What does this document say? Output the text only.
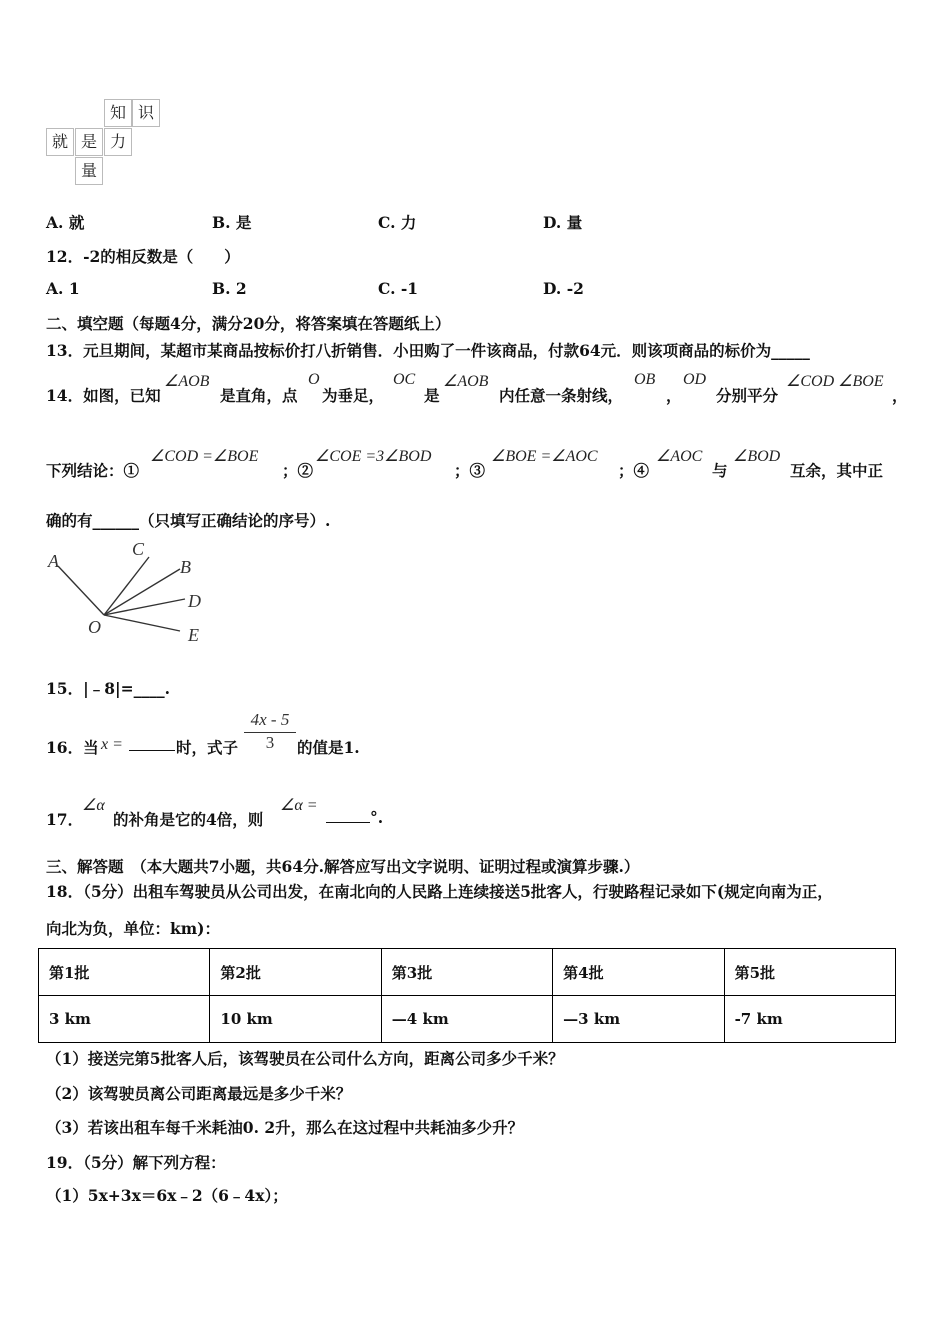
知 识
就 是 力
量
A. 就	B. 是	C. 力	D. 量
12．-2的相反数是（　　）
A. 1	B. 2	C. -1	D. -2
二、填空题（每题4分，满分20分，将答案填在答题纸上）
13．元旦期间，某超市某商品按标价打八折销售．小田购了一件该商品，付款64元．则该项商品的标价为_____
14．如图，已知
∠AOB
是直角，点
O
为垂足，
OC
是
∠AOB
内任意一条射线，
OB
，
OD
分别平分
∠COD ∠BOE
，
下列结论：①
∠COD =∠BOE
；②
∠COE =3∠BOD
；③
∠BOE =∠AOC
；④
∠AOC
与
∠BOD
互余，其中正
确的有______（只填写正确结论的序号）.
A
C
B
D
O	E
15．|﹣8|=____.
16．当 x =	时，式子
4x - 5
3	的值是1.
17．
∠α
的补角是它的4倍，则
∠α =
°.
三、解答题　（本大题共7小题，共64分.解答应写出文字说明、证明过程或演算步骤.）
18．（5分）出租车驾驶员从公司出发，在南北向的人民路上连续接送5批客人，行驶路程记录如下(规定向南为正，
向北为负，单位：km)：
第1批	第2批	第3批	第4批	第5批
3 km	10 km	—4 km	—3 km	-7 km
（1）接送完第5批客人后，该驾驶员在公司什么方向，距离公司多少千米？
（2）该驾驶员离公司距离最远是多少千米？
（3）若该出租车每千米耗油0. 2升，那么在这过程中共耗油多少升？
19．（5分）解下列方程：
（1）5x+3x＝6x﹣2（6﹣4x）；
